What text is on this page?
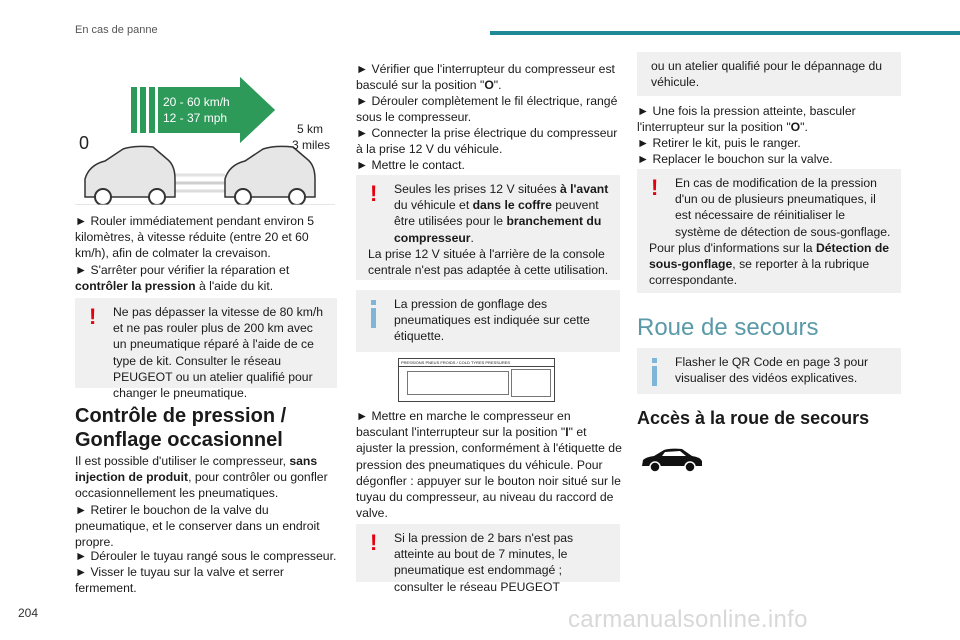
En cas de panne
20 - 60 km/h
12 - 37 mph
5 km
3 miles
0

► Rouler immédiatement pendant environ 5 kilomètres, à vitesse réduite (entre 20 et 60 km/h), afin de colmater la crevaison.

► S'arrêter pour vérifier la réparation et contrôler la pression à l'aide du kit.

!	Ne pas dépasser la vitesse de 80 km/h et ne pas rouler plus de 200 km avec un pneumatique réparé à l'aide de ce type de kit. Consulter le réseau PEUGEOT ou un atelier qualifié pour changer le pneumatique.
Contrôle de pression / Gonflage occasionnel

Il est possible d'utiliser le compresseur, sans injection de produit, pour contrôler ou gonfler occasionnellement les pneumatiques.

► Retirer le bouchon de la valve du pneumatique, et le conserver dans un endroit propre.

► Dérouler le tuyau rangé sous le compresseur.

► Visser le tuyau sur la valve et serrer fermement.

► Vérifier que l'interrupteur du compresseur est basculé sur la position "O".

► Dérouler complètement le fil électrique, rangé sous le compresseur.

► Connecter la prise électrique du compresseur à la prise 12 V du véhicule.

► Mettre le contact.

!	Seules les prises 12 V situées à l'avant du véhicule et dans le coffre peuvent être utilisées pour le branchement du compresseur.
La prise 12 V située à l'arrière de la console centrale n'est pas adaptée à cette utilisation.
La pression de gonflage des pneumatiques est indiquée sur cette étiquette.
PRESSIONS PNEUS FROIDS / COLD TYRES PRESSURES

► Mettre en marche le compresseur en basculant l'interrupteur sur la position "I" et ajuster la pression, conformément à l'étiquette de pression des pneumatiques du véhicule. Pour dégonfler : appuyer sur le bouton noir situé sur le tuyau du compresseur, au niveau du raccord de valve.

!	Si la pression de 2 bars n'est pas atteinte au bout de 7 minutes, le pneumatique est endommagé ; consulter le réseau PEUGEOT
ou un atelier qualifié pour le dépannage du véhicule.

► Une fois la pression atteinte, basculer l'interrupteur sur la position "O".

► Retirer le kit, puis le ranger.

► Replacer le bouchon sur la valve.

!	En cas de modification de la pression d'un ou de plusieurs pneumatiques, il est nécessaire de réinitialiser le système de détection de sous-gonflage.
Pour plus d'informations sur la Détection de sous-gonflage, se reporter à la rubrique correspondante.
Roue de secours
Flasher le QR Code en page 3 pour visualiser des vidéos explicatives.
Accès à la roue de secours
204	carmanualsonline.info
